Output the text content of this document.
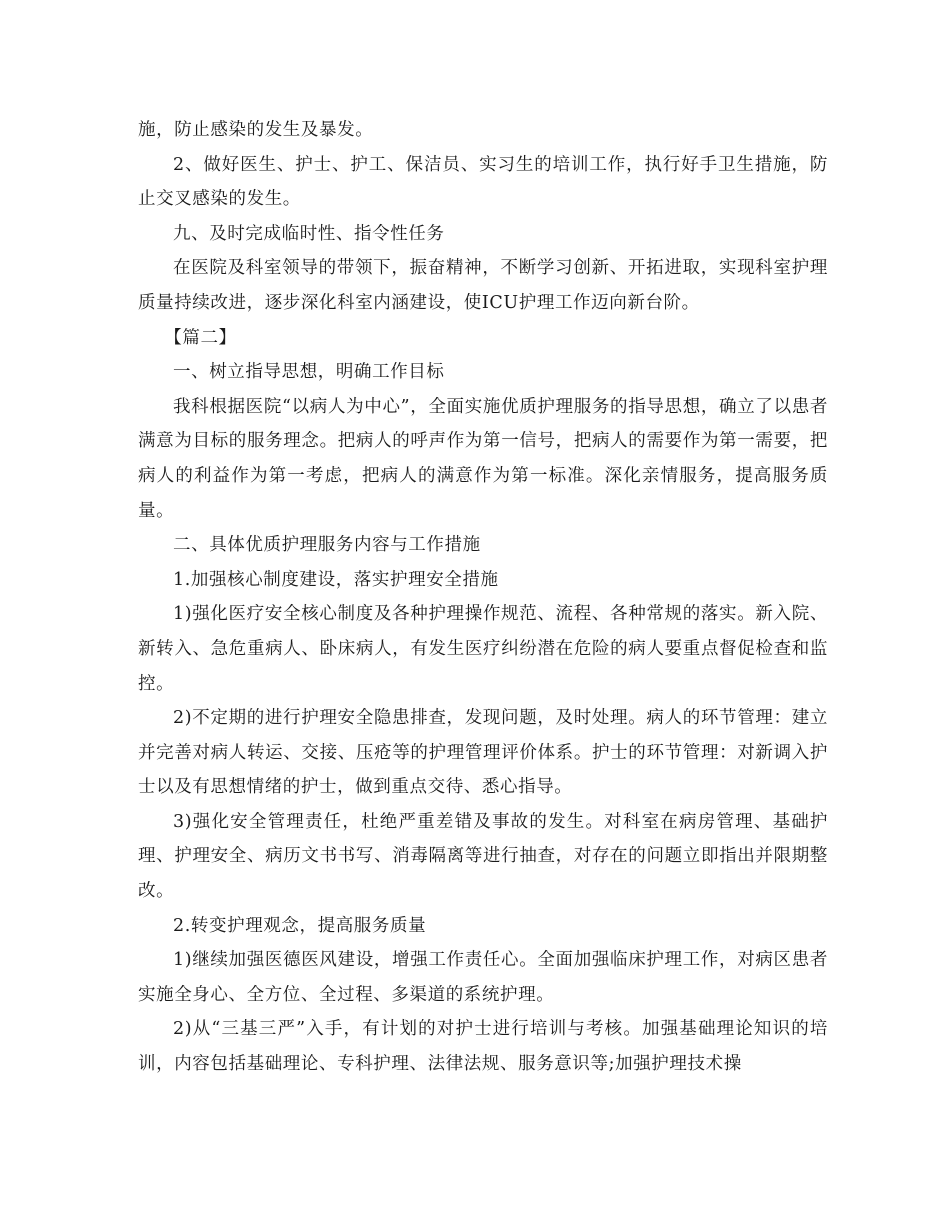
施，防止感染的发生及暴发。

2、做好医生、护士、护工、保洁员、实习生的培训工作，执行好手卫生措施，防止交叉感染的发生。

九、及时完成临时性、指令性任务

在医院及科室领导的带领下，振奋精神，不断学习创新、开拓进取，实现科室护理质量持续改进，逐步深化科室内涵建设，使ICU护理工作迈向新台阶。

【篇二】

一、树立指导思想，明确工作目标

我科根据医院“以病人为中心”，全面实施优质护理服务的指导思想，确立了以患者满意为目标的服务理念。把病人的呼声作为第一信号，把病人的需要作为第一需要，把病人的利益作为第一考虑，把病人的满意作为第一标准。深化亲情服务，提高服务质量。

二、具体优质护理服务内容与工作措施

1.加强核心制度建设，落实护理安全措施

1)强化医疗安全核心制度及各种护理操作规范、流程、各种常规的落实。新入院、新转入、急危重病人、卧床病人，有发生医疗纠纷潜在危险的病人要重点督促检查和监控。

2)不定期的进行护理安全隐患排查，发现问题，及时处理。病人的环节管理：建立并完善对病人转运、交接、压疮等的护理管理评价体系。护士的环节管理：对新调入护士以及有思想情绪的护士，做到重点交待、悉心指导。

3)强化安全管理责任，杜绝严重差错及事故的发生。对科室在病房管理、基础护理、护理安全、病历文书书写、消毒隔离等进行抽查，对存在的问题立即指出并限期整改。

2.转变护理观念，提高服务质量

1)继续加强医德医风建设，增强工作责任心。全面加强临床护理工作，对病区患者实施全身心、全方位、全过程、多渠道的系统护理。

2)从“三基三严”入手，有计划的对护士进行培训与考核。加强基础理论知识的培训，内容包括基础理论、专科护理、法律法规、服务意识等;加强护理技术操
